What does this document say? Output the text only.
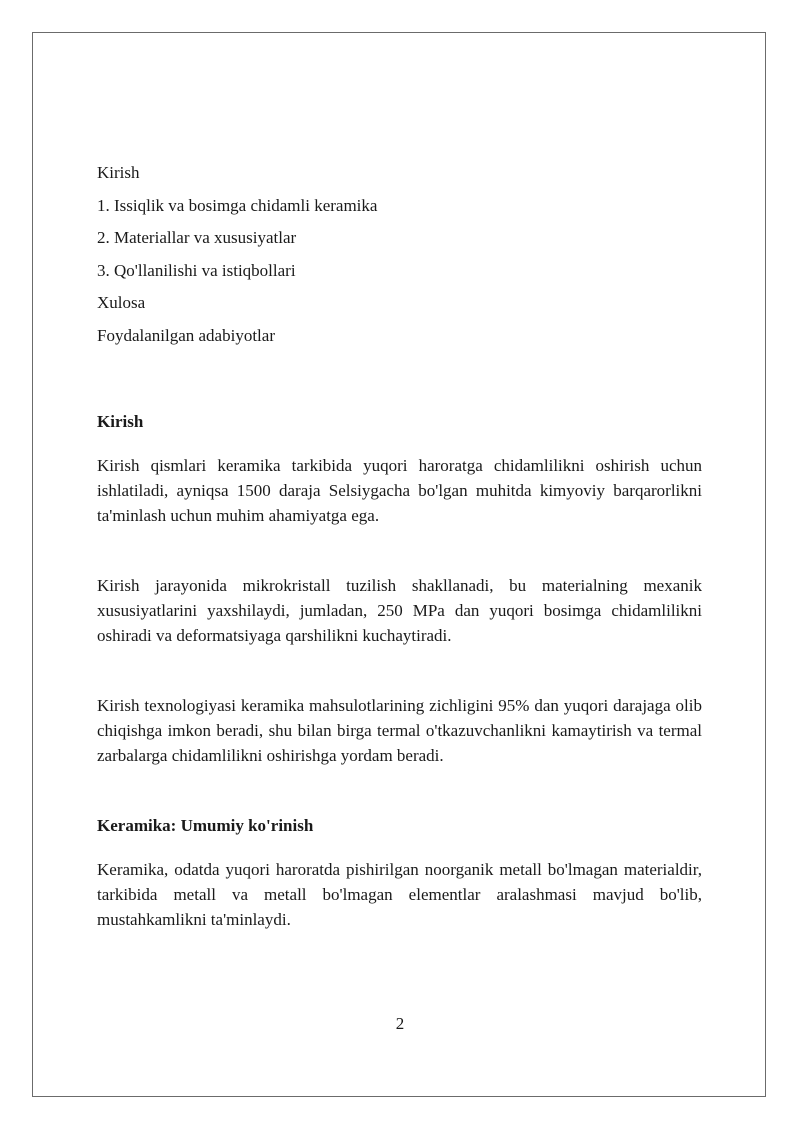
Kirish
1. Issiqlik va bosimga chidamli keramika
2. Materiallar va xususiyatlar
3. Qo'llanilishi va istiqbollari
Xulosa
Foydalanilgan adabiyotlar

Kirish

Kirish qismlari keramika tarkibida yuqori haroratga chidamlilikni oshirish uchun ishlatiladi, ayniqsa 1500 daraja Selsiygacha bo'lgan muhitda kimyoviy barqarorlikni ta'minlash uchun muhim ahamiyatga ega.

Kirish jarayonida mikrokristall tuzilish shakllanadi, bu materialning mexanik xususiyatlarini yaxshilaydi, jumladan, 250 MPa dan yuqori bosimga chidamlilikni oshiradi va deformatsiyaga qarshilikni kuchaytiradi.

Kirish texnologiyasi keramika mahsulotlarining zichligini 95% dan yuqori darajaga olib chiqishga imkon beradi, shu bilan birga termal o'tkazuvchanlikni kamaytirish va termal zarbalarga chidamlilikni oshirishga yordam beradi.

Keramika: Umumiy ko'rinish

Keramika, odatda yuqori haroratda pishirilgan noorganik metall bo'lmagan materialdir, tarkibida metall va metall bo'lmagan elementlar aralashmasi mavjud bo'lib, mustahkamlikni ta'minlaydi.

2
